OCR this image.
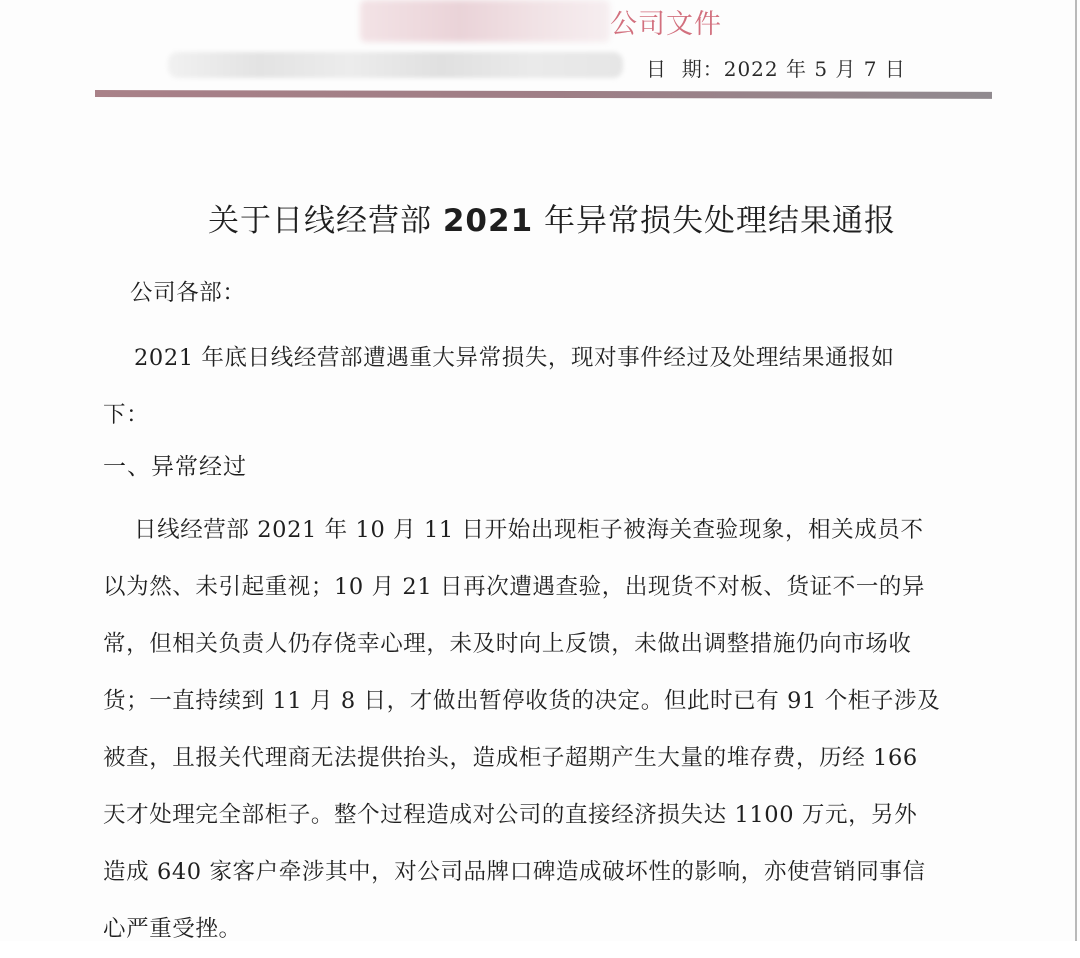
公司文件
日  期：2022 年 5 月 7 日
关于日线经营部 2021 年异常损失处理结果通报
公司各部：
2021 年底日线经营部遭遇重大异常损失，现对事件经过及处理结果通报如
下：
一、异常经过
日线经营部 2021 年 10 月 11 日开始出现柜子被海关查验现象，相关成员不
以为然、未引起重视；10 月 21 日再次遭遇查验，出现货不对板、货证不一的异
常，但相关负责人仍存侥幸心理，未及时向上反馈，未做出调整措施仍向市场收
货；一直持续到 11 月 8 日，才做出暂停收货的决定。但此时已有 91 个柜子涉及
被查，且报关代理商无法提供抬头，造成柜子超期产生大量的堆存费，历经 166
天才处理完全部柜子。整个过程造成对公司的直接经济损失达 1100 万元，另外
造成 640 家客户牵涉其中，对公司品牌口碑造成破坏性的影响，亦使营销同事信
心严重受挫。
